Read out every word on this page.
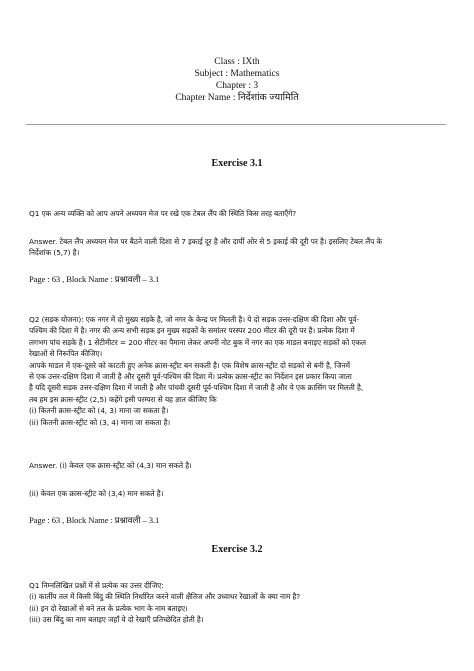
Class : IXth
Subject : Mathematics
Chapter : 3
Chapter Name : निर्देशांक ज्यामिति
Exercise 3.1
Q1 एक अन्य व्यक्ति को आप अपने अध्ययन मेज पर रखे एक टेबल लैंप की स्थिति किस तरह बताएँगे?
Answer. टेबल लैंप अध्ययन मेज पर बैठने वाली दिशा से 7 इकाई दूर है और दायीं ओर से 5 इकाई की दूरी पर है। इसलिए टेबल लैंप के
निर्देशांक (5,7) है।
Page : 63 , Block Name : प्रश्नावली – 3.1
Q2 (सड़क योजना): एक नगर में दो मुख्य सड़के है, जो नगर के केन्द्र पर मिलती है। ये दो सड़क उत्तर-दक्षिण की दिशा और पूर्व-
पश्चिम की दिशा में है। नगर की अन्य सभी सड़क इन मुख्य सड़कों के समांतर परस्पर 200 मीटर की दूरी पर है। प्रत्येक दिशा में
लगभग पांच सड़के है। 1 सेंटीमीटर = 200 मीटर का पैमाना लेकर अपनी नोट बुक में नगर का एक माडल बनाइए सड़कों को एकल
रेखाओं से निरूपित कीजिए।
आपके माडल में एक-दूसरे को काटती हुए अनेक क्रास-स्ट्रीट बन सकती है। एक विशेष क्रास-स्ट्रीट दो सड़को से बनी है, जिनमें
से एक उत्तर-दक्षिण दिशा में जाती है और दूसरी पूर्व-पश्चिम की दिशा में। प्रत्येक क्रास-स्ट्रीट का निर्देशन इस प्रकार किया जाता
है यदि दूसरी सड़क उत्तर-दक्षिण दिशा में जाती है और पांचवी दूसरी पूर्व-पश्चिम दिशा में जाती है और ये एक क्रासिंग पर मिलती है,
तब हम इस क्रास-स्ट्रीट (2,5) कहेंगे इसी परम्परा से यह ज्ञात कीजिए कि
(i) कितनी क्रास-स्ट्रीट को (4, 3) माना जा सकता है।
(ii) कितनी क्रास-स्ट्रीट को (3, 4) माना जा सकता है।
Answer. (i) केवल एक क्रास-स्ट्रीट को (4,3) मान सकते है।
(ii) केवल एक क्रास-स्ट्रीट को (3,4) मान सकते है।
Page : 63 , Block Name : प्रश्नावली – 3.1
Exercise 3.2
Q1 निम्नलिखित प्रश्नों में से प्रत्येक का उत्तर दीजिए:
(i) कार्तीय तल में किसी बिंदु की स्थिति निर्धारित करने वाली क्षैतिज और उध्वाधर रेखाओं के क्या नाम है?
(ii) इन दो रेखाओं से बने तल के प्रत्येक भाग के नाम बताइए।
(iii) उस बिंदु का नाम बताइए जहाँ ये दो रेखाएँ प्रतिच्छेदित होती है।
